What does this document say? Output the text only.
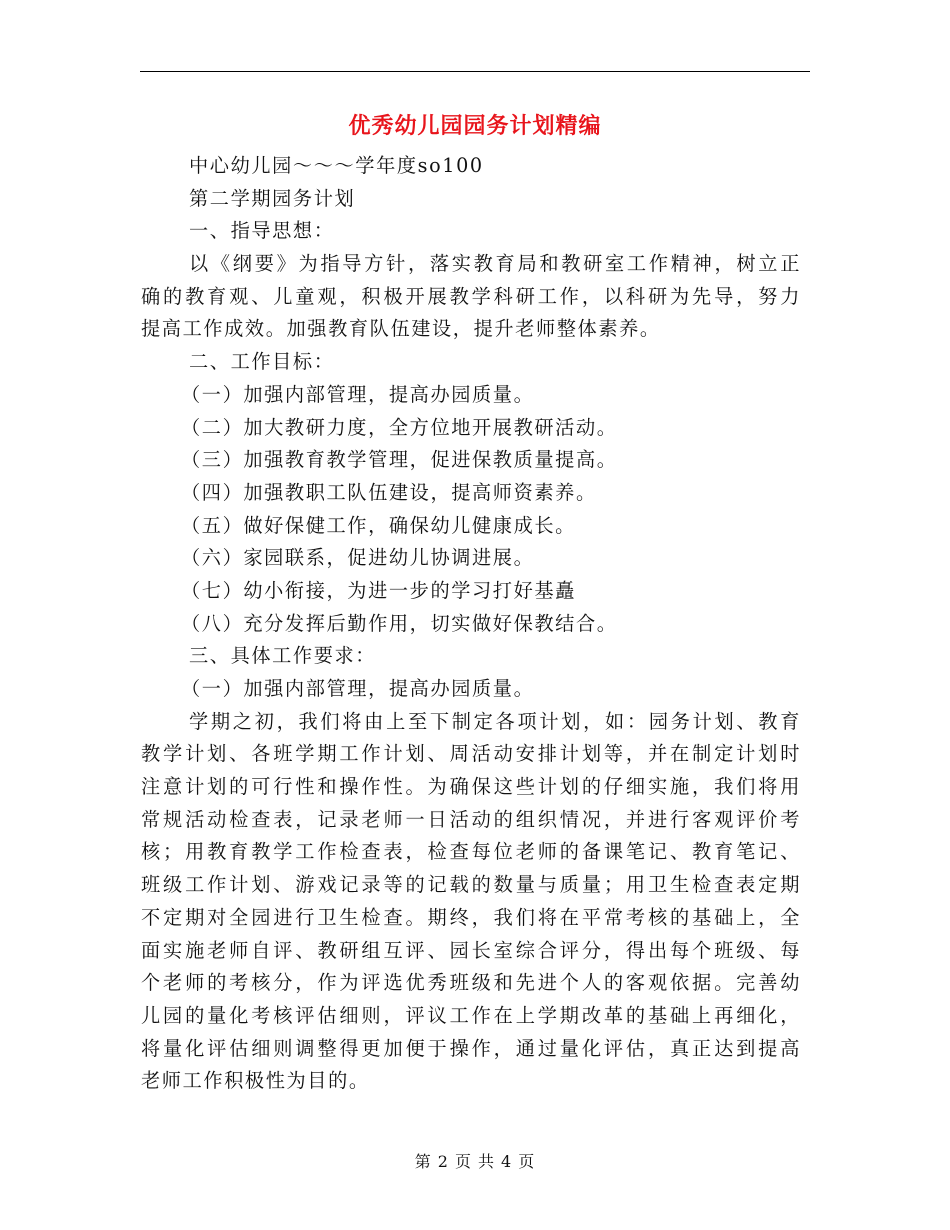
优秀幼儿园园务计划精编
中心幼儿园～～～学年度so100
第二学期园务计划
一、指导思想：
以《纲要》为指导方针，落实教育局和教研室工作精神，树立正
确的教育观、儿童观，积极开展教学科研工作，以科研为先导，努力
提高工作成效。加强教育队伍建设，提升老师整体素养。
二、工作目标：
（一）加强内部管理，提高办园质量。
（二）加大教研力度，全方位地开展教研活动。
（三）加强教育教学管理，促进保教质量提高。
（四）加强教职工队伍建设，提高师资素养。
（五）做好保健工作，确保幼儿健康成长。
（六）家园联系，促进幼儿协调进展。
（七）幼小衔接，为进一步的学习打好基矗
（八）充分发挥后勤作用，切实做好保教结合。
三、具体工作要求：
（一）加强内部管理，提高办园质量。
学期之初，我们将由上至下制定各项计划，如：园务计划、教育
教学计划、各班学期工作计划、周活动安排计划等，并在制定计划时
注意计划的可行性和操作性。为确保这些计划的仔细实施，我们将用
常规活动检查表，记录老师一日活动的组织情况，并进行客观评价考
核；用教育教学工作检查表，检查每位老师的备课笔记、教育笔记、
班级工作计划、游戏记录等的记载的数量与质量；用卫生检查表定期
不定期对全园进行卫生检查。期终，我们将在平常考核的基础上，全
面实施老师自评、教研组互评、园长室综合评分，得出每个班级、每
个老师的考核分，作为评选优秀班级和先进个人的客观依据。完善幼
儿园的量化考核评估细则，评议工作在上学期改革的基础上再细化，
将量化评估细则调整得更加便于操作，通过量化评估，真正达到提高
老师工作积极性为目的。
第 2 页 共 4 页
